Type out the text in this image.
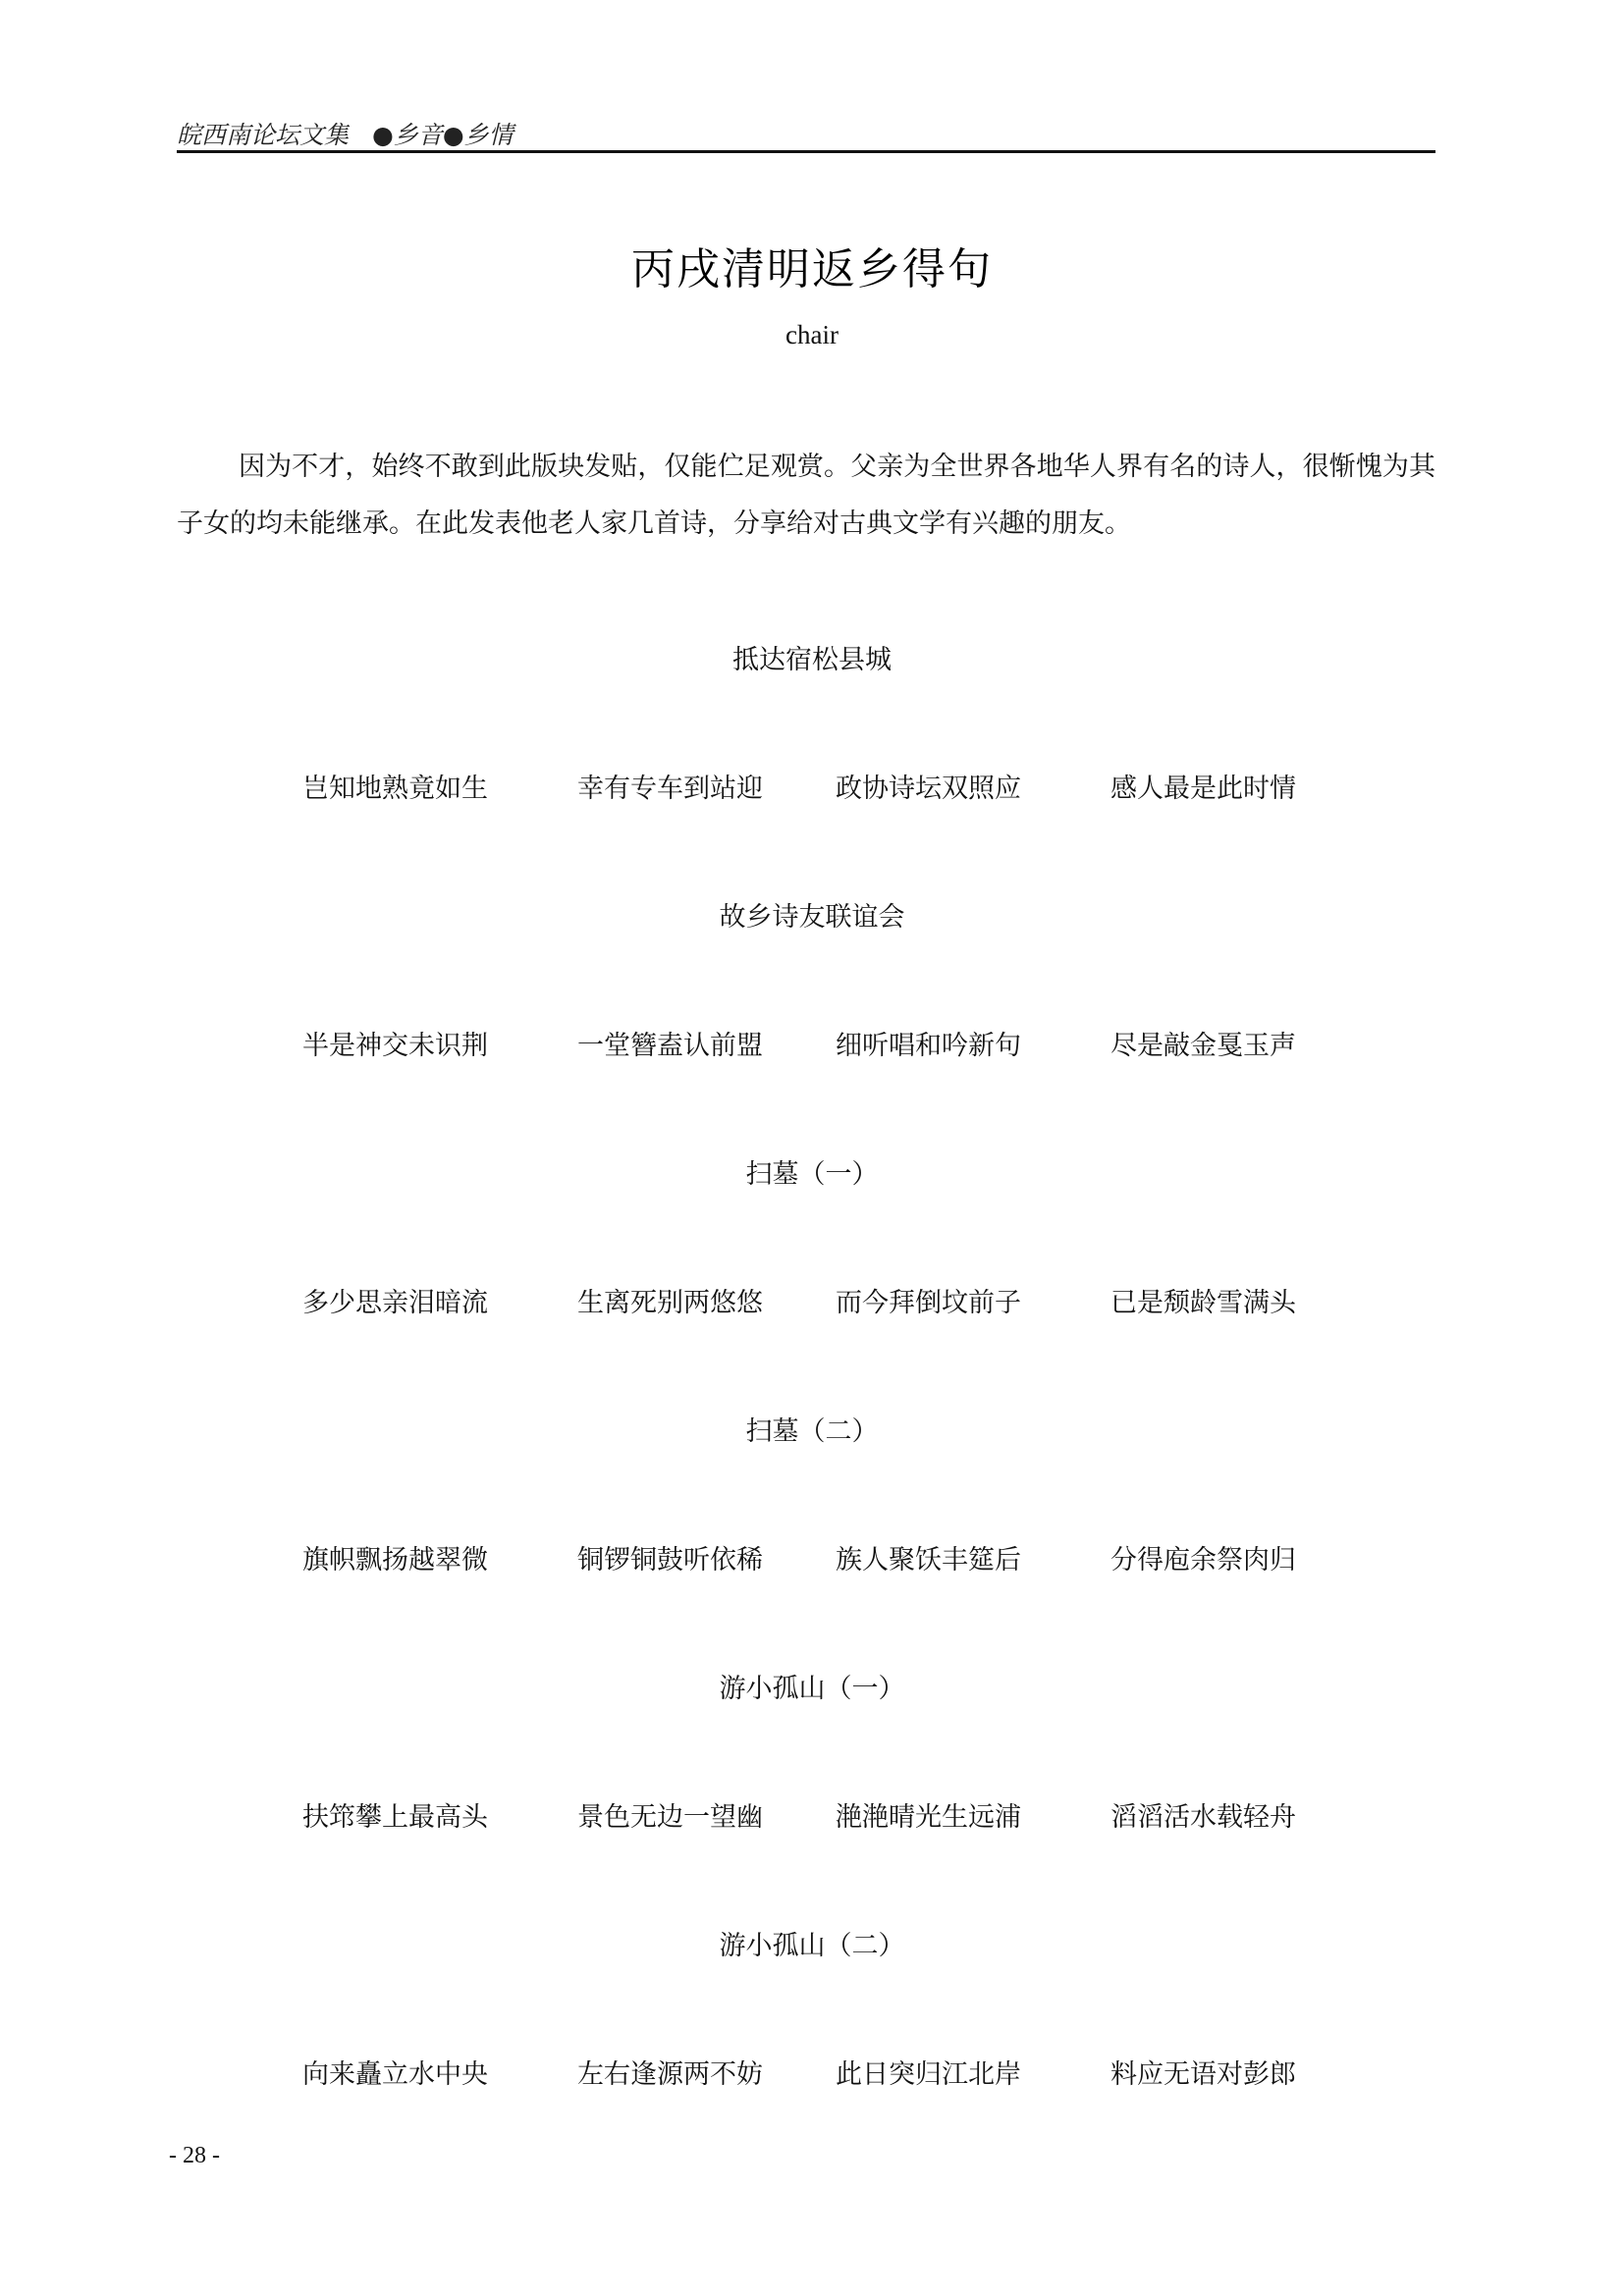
皖西南论坛文集 ●乡音●乡情
丙戌清明返乡得句
chair
因为不才，始终不敢到此版块发贴，仅能伫足观赏。父亲为全世界各地华人界有名的诗人，很惭愧为其子女的均未能继承。在此发表他老人家几首诗，分享给对古典文学有兴趣的朋友。
抵达宿松县城
岂知地熟竟如生	幸有专车到站迎	政协诗坛双照应	感人最是此时情
故乡诗友联谊会
半是神交未识荆	一堂簪盍认前盟	细听唱和吟新句	尽是敲金戛玉声
扫墓（一）
多少思亲泪暗流	生离死别两悠悠	而今拜倒坟前子	已是颓龄雪满头
扫墓（二）
旗帜飘扬越翠微	铜锣铜鼓听依稀	族人聚饫丰筵后	分得庖余祭肉归
游小孤山（一）
扶筇攀上最高头	景色无边一望幽	滟滟晴光生远浦	滔滔活水载轻舟
游小孤山（二）
向来矗立水中央	左右逢源两不妨	此日突归江北岸	料应无语对彭郎
- 28 -
